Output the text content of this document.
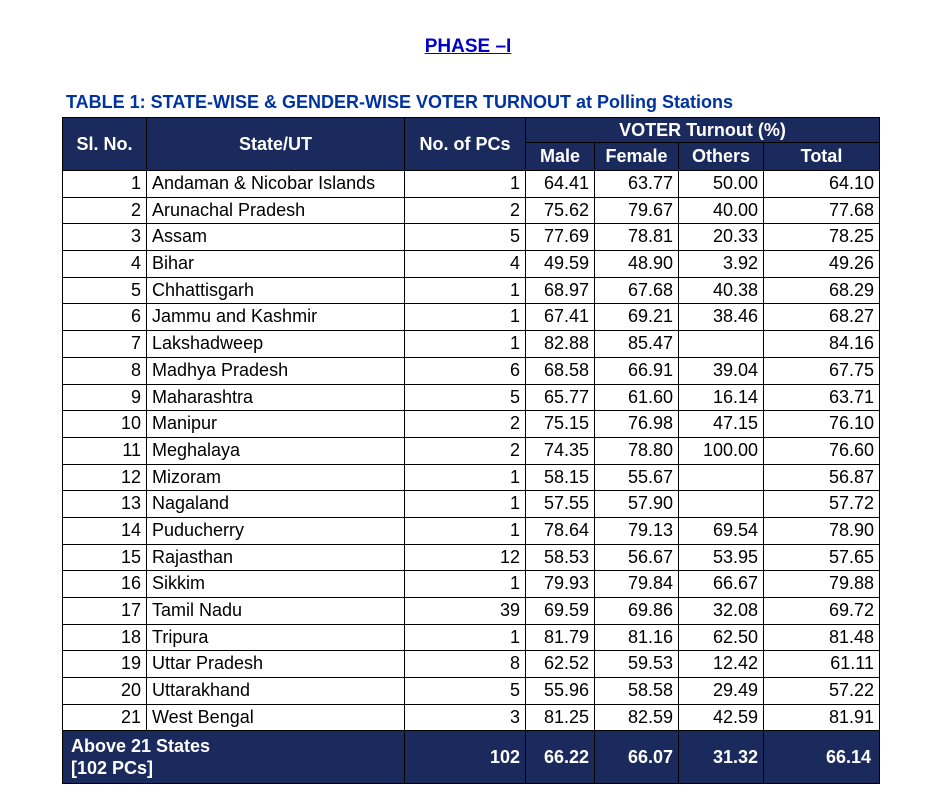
PHASE –I
TABLE 1: STATE-WISE & GENDER-WISE VOTER TURNOUT at Polling Stations
Sl. No.	State/UT	No. of PCs	VOTER Turnout (%)			
			Male	Female	Others	Total
1	Andaman & Nicobar Islands	1	64.41	63.77	50.00	64.10
2	Arunachal Pradesh	2	75.62	79.67	40.00	77.68
3	Assam	5	77.69	78.81	20.33	78.25
4	Bihar	4	49.59	48.90	3.92	49.26
5	Chhattisgarh	1	68.97	67.68	40.38	68.29
6	Jammu and Kashmir	1	67.41	69.21	38.46	68.27
7	Lakshadweep	1	82.88	85.47		84.16
8	Madhya Pradesh	6	68.58	66.91	39.04	67.75
9	Maharashtra	5	65.77	61.60	16.14	63.71
10	Manipur	2	75.15	76.98	47.15	76.10
11	Meghalaya	2	74.35	78.80	100.00	76.60
12	Mizoram	1	58.15	55.67		56.87
13	Nagaland	1	57.55	57.90		57.72
14	Puducherry	1	78.64	79.13	69.54	78.90
15	Rajasthan	12	58.53	56.67	53.95	57.65
16	Sikkim	1	79.93	79.84	66.67	79.88
17	Tamil Nadu	39	69.59	69.86	32.08	69.72
18	Tripura	1	81.79	81.16	62.50	81.48
19	Uttar Pradesh	8	62.52	59.53	12.42	61.11
20	Uttarakhand	5	55.96	58.58	29.49	57.22
21	West Bengal	3	81.25	82.59	42.59	81.91
Above 21 States
[102 PCs]		102	66.22	66.07	31.32	66.14
